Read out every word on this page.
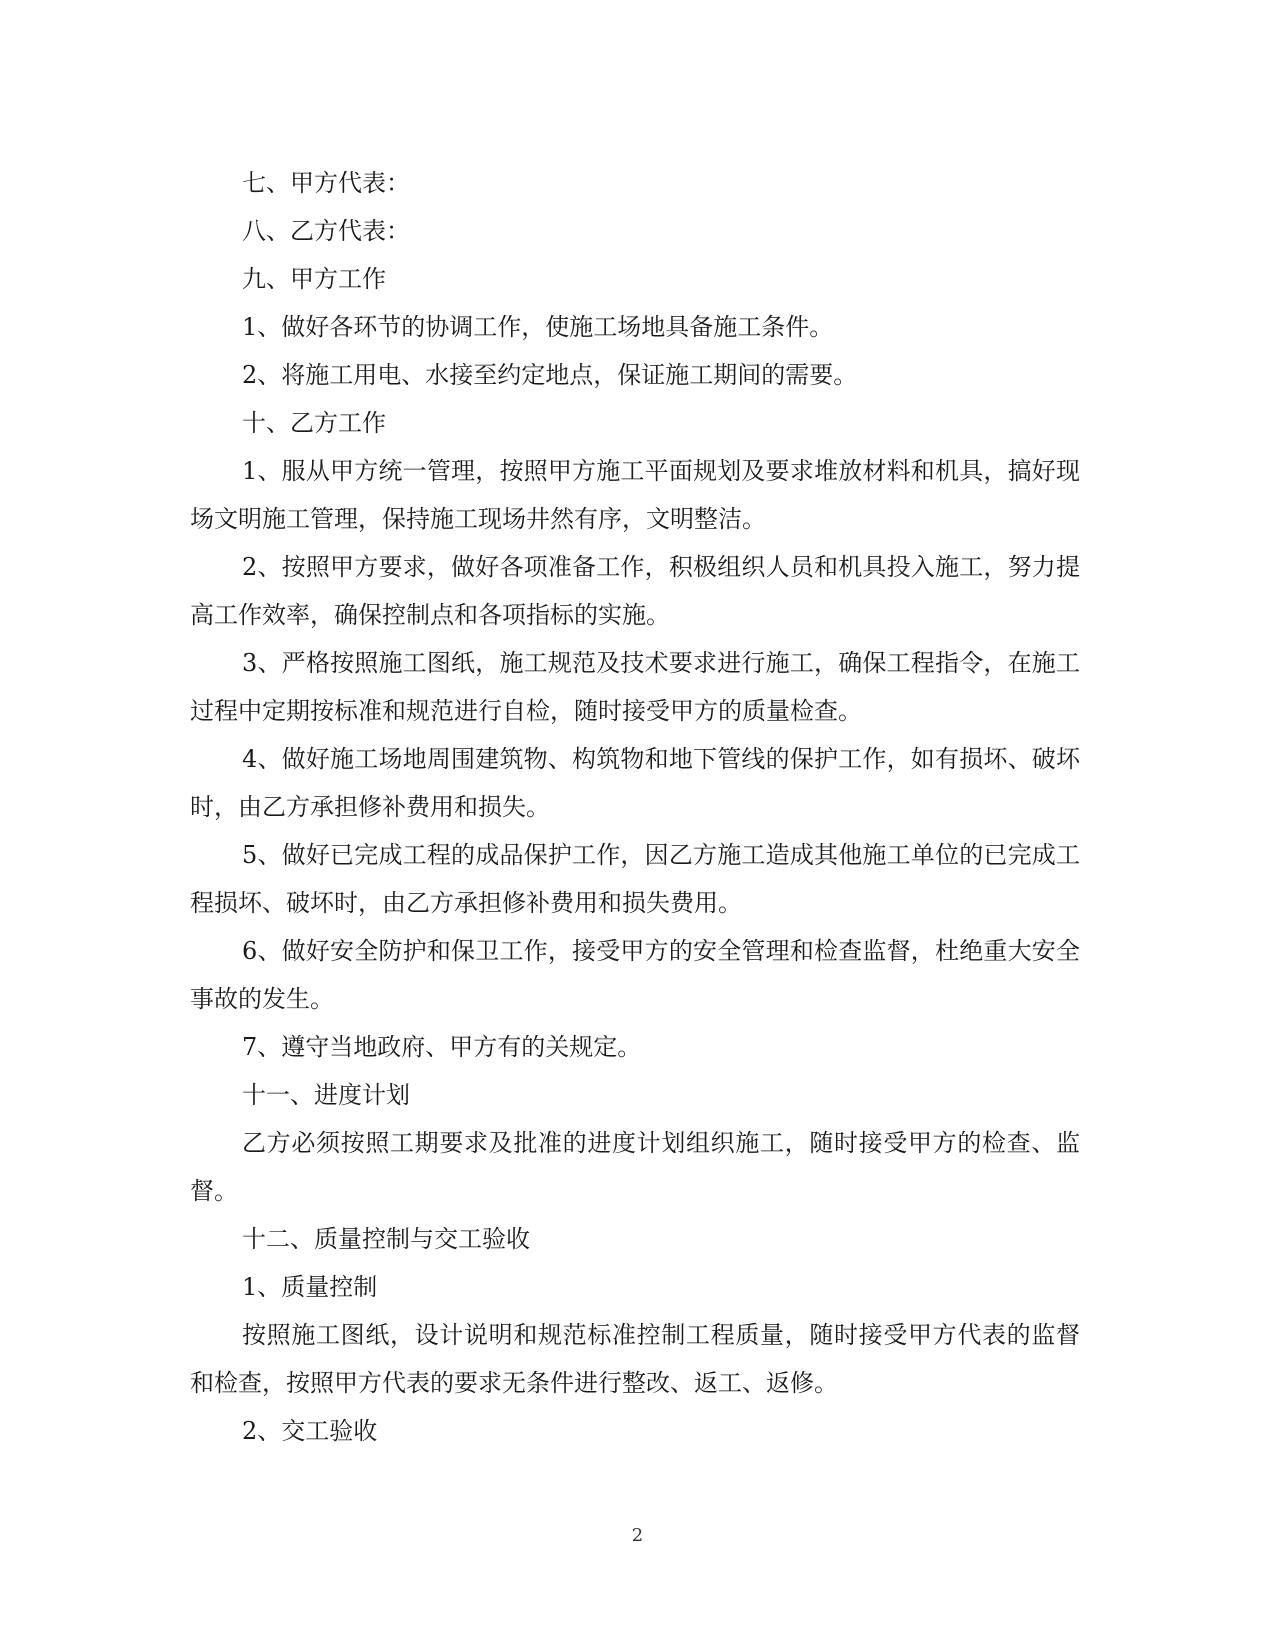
七、甲方代表：

八、乙方代表：

九、甲方工作

1、做好各环节的协调工作，使施工场地具备施工条件。

2、将施工用电、水接至约定地点，保证施工期间的需要。

十、乙方工作

1、服从甲方统一管理，按照甲方施工平面规划及要求堆放材料和机具，搞好现场文明施工管理，保持施工现场井然有序，文明整洁。

2、按照甲方要求，做好各项准备工作，积极组织人员和机具投入施工，努力提高工作效率，确保控制点和各项指标的实施。

3、严格按照施工图纸，施工规范及技术要求进行施工，确保工程指令，在施工过程中定期按标准和规范进行自检，随时接受甲方的质量检查。

4、做好施工场地周围建筑物、构筑物和地下管线的保护工作，如有损坏、破坏时，由乙方承担修补费用和损失。

5、做好已完成工程的成品保护工作，因乙方施工造成其他施工单位的已完成工程损坏、破坏时，由乙方承担修补费用和损失费用。

6、做好安全防护和保卫工作，接受甲方的安全管理和检查监督，杜绝重大安全事故的发生。

7、遵守当地政府、甲方有的关规定。

十一、进度计划

乙方必须按照工期要求及批准的进度计划组织施工，随时接受甲方的检查、监督。

十二、质量控制与交工验收

1、质量控制

按照施工图纸，设计说明和规范标准控制工程质量，随时接受甲方代表的监督和检查，按照甲方代表的要求无条件进行整改、返工、返修。

2、交工验收

2
